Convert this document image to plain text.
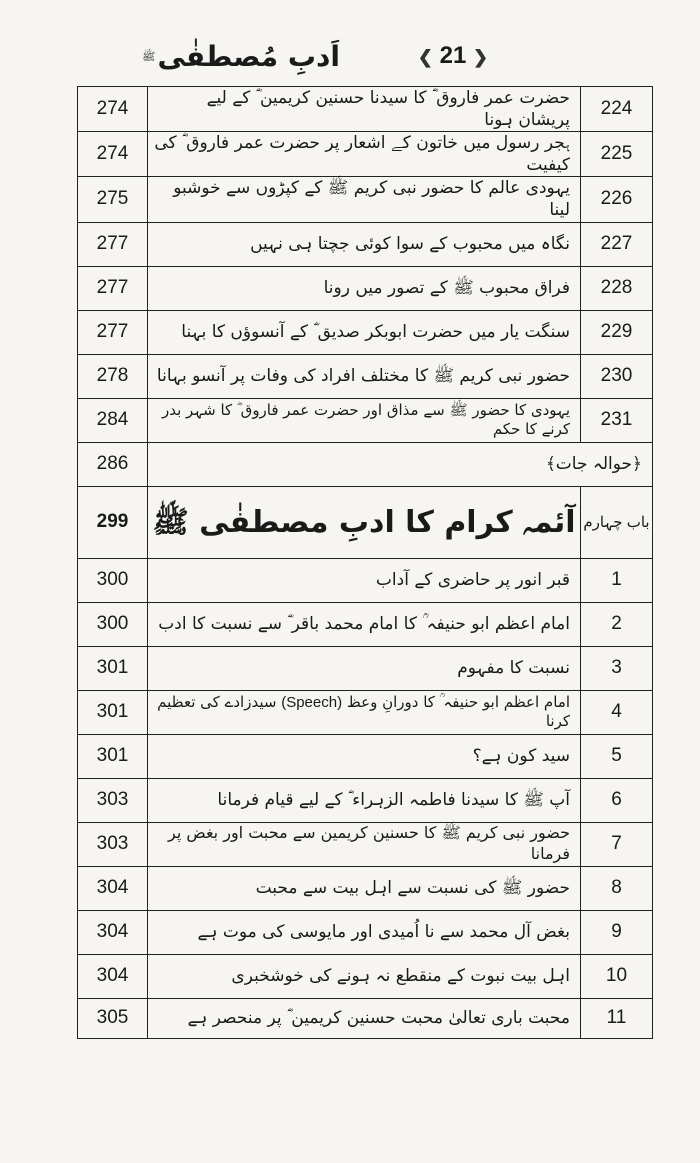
اَدبِ مُصطفٰیﷺ	❮ 21 ❯
274	حضرت عمر فاروق ؓ کا سیدنا حسنین کریمین ؓ کے لیے پریشان ہونا	224
274	ہجر رسول میں خاتون کے اشعار پر حضرت عمر فاروق ؓ کی کیفیت	225
275	یہودی عالم کا حضور نبی کریم ﷺ کے کپڑوں سے خوشبو لینا	226
277	نگاہ میں محبوب کے سوا کوئی جچتا ہی نہیں	227
277	فراق محبوب ﷺ کے تصور میں رونا	228
277	سنگت یار میں حضرت ابوبکر صدیق ؓ کے آنسوؤں کا بہنا	229
278	حضور نبی کریم ﷺ کا مختلف افراد کی وفات پر آنسو بہانا	230
284	یہودی کا حضور ﷺ سے مذاق اور حضرت عمر فاروق ؓ کا شہر بدر کرنے کا حکم	231
286	﴿حوالہ جات﴾	
299	آئمہ کرام کا ادبِ مصطفٰی ﷺ	باب چہارم
300	قبر انور پر حاضری کے آداب	1
300	امام اعظم ابو حنیفہ ؒ کا امام محمد باقر ؓ سے نسبت کا ادب	2
301	نسبت کا مفہوم	3
301	امام اعظم ابو حنیفہ ؒ کا دورانِ وعظ (Speech) سیدزادے کی تعظیم کرنا	4
301	سید کون ہے؟	5
303	آپ ﷺ کا سیدنا فاطمہ الزہراء ؓ کے لیے قیام فرمانا	6
303	حضور نبی کریم ﷺ کا حسنین کریمین سے محبت اور بغض پر فرمانا	7
304	حضور ﷺ کی نسبت سے اہل بیت سے محبت	8
304	بغض آل محمد سے نا اُمیدی اور مایوسی کی موت ہے	9
304	اہل بیت نبوت کے منقطع نہ ہونے کی خوشخبری	10
305	محبت باری تعالیٰ محبت حسنین کریمین ؓ پر منحصر ہے	11
